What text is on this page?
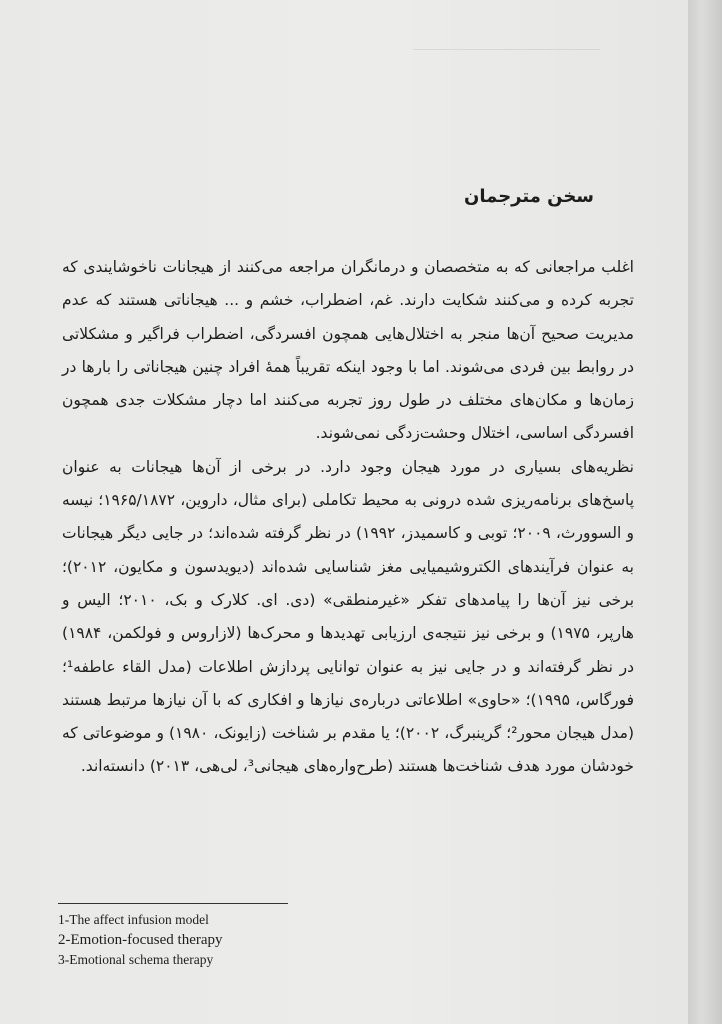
ــــــــــــــــــــــــــــــــــــــــــــــــــــــــــ
سخن مترجمان

اغلب مراجعانی که به متخصصان و درمانگران مراجعه می‌کنند از هیجانات ناخوشایندی که تجربه کرده و می‌کنند شکایت دارند. غم، اضطراب، خشم و ... هیجاناتی هستند که عدم مدیریت صحیح آن‌ها منجر به اختلال‌هایی همچون افسردگی، اضطراب فراگیر و مشکلاتی در روابط بین فردی می‌شوند. اما با وجود اینکه تقریباً همهٔ افراد چنین هیجاناتی را بارها در زمان‌ها و مکان‌های مختلف در طول روز تجربه می‌کنند اما دچار مشکلات جدی همچون افسردگی اساسی، اختلال وحشت‌زدگی نمی‌شوند.

نظریه‌های بسیاری در مورد هیجان وجود دارد. در برخی از آن‌ها هیجانات به عنوان پاسخ‌های برنامه‌ریزی شده درونی به محیط تکاملی (برای مثال، داروین، ۱۹۶۵/۱۸۷۲؛ نیسه و السوورث، ۲۰۰۹؛ توبی و کاسمیدز، ۱۹۹۲) در نظر گرفته شده‌اند؛ در جایی دیگر هیجانات به عنوان فرآیندهای الکتروشیمیایی مغز شناسایی شده‌اند (دیویدسون و مکایون، ۲۰۱۲)؛ برخی نیز آن‌ها را پیامدهای تفکر «غیرمنطقی» (دی. ای. کلارک و بک، ۲۰۱۰؛ الیس و هارپر، ۱۹۷۵) و برخی نیز نتیجه‌ی ارزیابی تهدیدها و محرک‌ها (لازاروس و فولکمن، ۱۹۸۴) در نظر گرفته‌اند و در جایی نیز به عنوان توانایی پردازش اطلاعات (مدل القاء عاطفه¹؛ فورگاس، ۱۹۹۵)؛ «حاوی» اطلاعاتی درباره‌ی نیازها و افکاری که با آن نیازها مرتبط هستند (مدل هیجان محور²؛ گرینبرگ، ۲۰۰۲)؛ یا مقدم بر شناخت (زایونک، ۱۹۸۰) و موضوعاتی که خودشان مورد هدف شناخت‌ها هستند (طرح‌واره‌های هیجانی³، لی‌هی، ۲۰۱۳) دانسته‌اند.

1-The affect infusion model

2-Emotion-focused therapy

3-Emotional schema therapy
